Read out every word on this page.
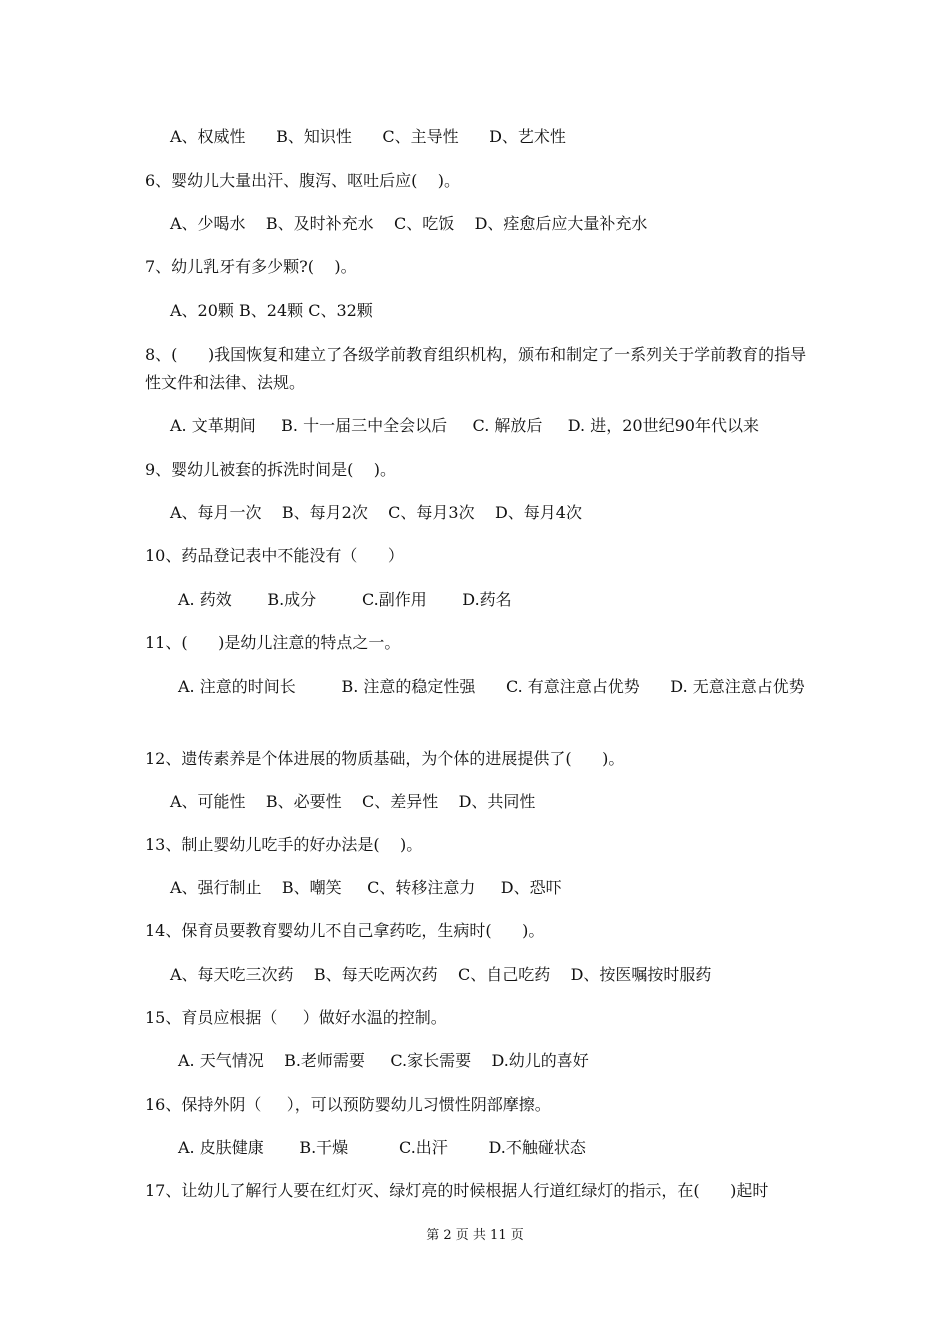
A、权威性      B、知识性      C、主导性      D、艺术性
6、婴幼儿大量出汗、腹泻、呕吐后应(    )。
A、少喝水    B、及时补充水    C、吃饭    D、痊愈后应大量补充水
7、幼儿乳牙有多少颗?(    )。
A、20颗 B、24颗 C、32颗
8、(      )我国恢复和建立了各级学前教育组织机构，颁布和制定了一系列关于学前教育的指导性文件和法律、法规。
A. 文革期间     B. 十一届三中全会以后     C. 解放后     D. 进，20世纪90年代以来
9、婴幼儿被套的拆洗时间是(    )。
A、每月一次    B、每月2次    C、每月3次    D、每月4次
10、药品登记表中不能没有（      ）
A. 药效       B.成分         C.副作用       D.药名
11、(      )是幼儿注意的特点之一。
A. 注意的时间长         B. 注意的稳定性强      C. 有意注意占优势      D. 无意注意占优势
12、遗传素养是个体进展的物质基础，为个体的进展提供了(      )。
A、可能性    B、必要性    C、差异性    D、共同性
13、制止婴幼儿吃手的好办法是(    )。
A、强行制止    B、嘲笑     C、转移注意力     D、恐吓
14、保育员要教育婴幼儿不自己拿药吃，生病时(      )。
A、每天吃三次药    B、每天吃两次药    C、自己吃药    D、按医嘱按时服药
15、育员应根据（     ）做好水温的控制。
A. 天气情况    B.老师需要     C.家长需要    D.幼儿的喜好
16、保持外阴（     ），可以预防婴幼儿习惯性阴部摩擦。
A. 皮肤健康       B.干燥          C.出汗        D.不触碰状态
17、让幼儿了解行人要在红灯灭、绿灯亮的时候根据人行道红绿灯的指示，在(      )起时
第 2 页 共 11 页
